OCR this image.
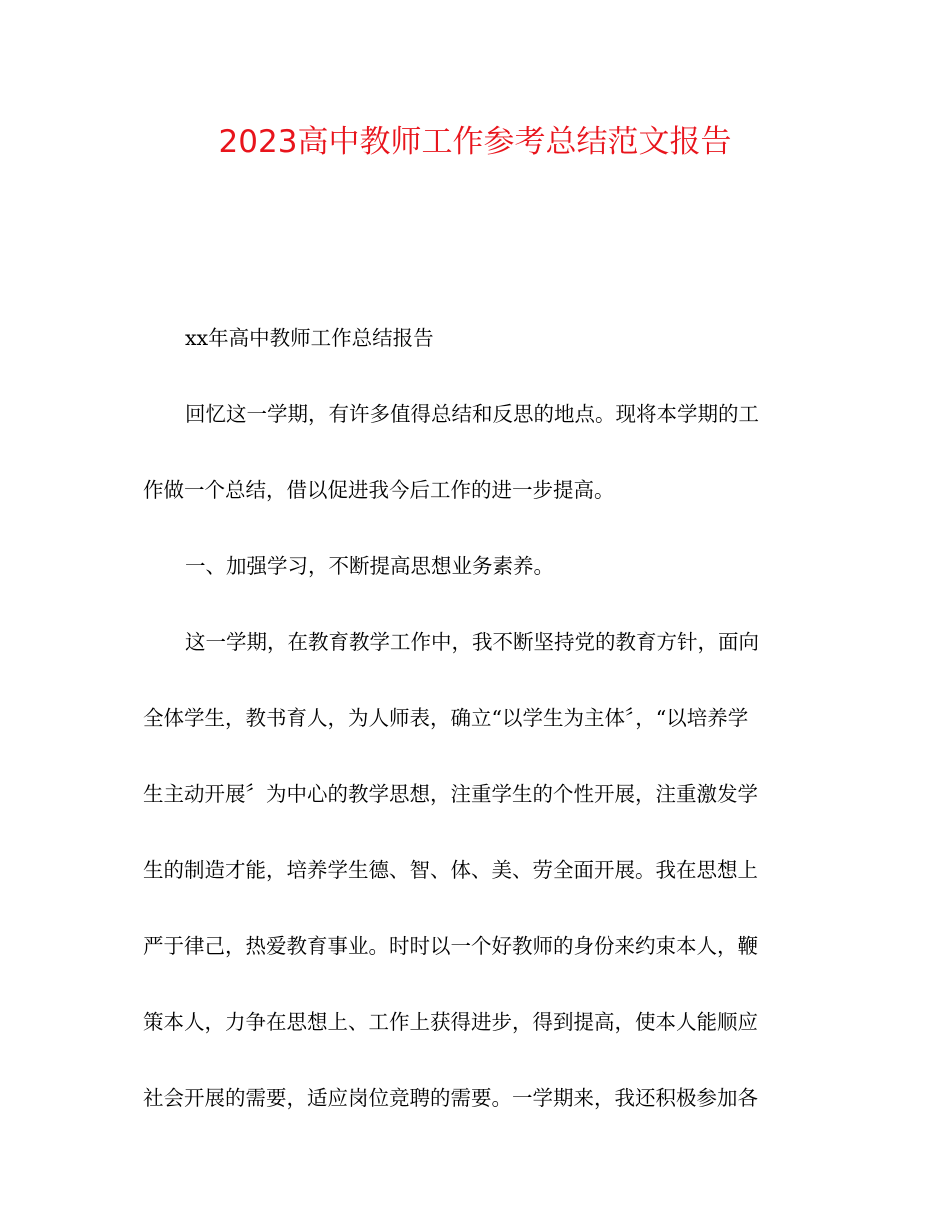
2023高中教师工作参考总结范文报告
xx年高中教师工作总结报告
回忆这一学期，有许多值得总结和反思的地点。现将本学期的工
作做一个总结，借以促进我今后工作的进一步提高。
一、加强学习，不断提高思想业务素养。
这一学期，在教育教学工作中，我不断坚持党的教育方针，面向
全体学生，教书育人，为人师表，确立“以学生为主体〞，“以培养学
生主动开展〞为中心的教学思想，注重学生的个性开展，注重激发学
生的制造才能，培养学生德、智、体、美、劳全面开展。我在思想上
严于律己，热爱教育事业。时时以一个好教师的身份来约束本人，鞭
策本人，力争在思想上、工作上获得进步，得到提高，使本人能顺应
社会开展的需要，适应岗位竞聘的需要。一学期来，我还积极参加各
